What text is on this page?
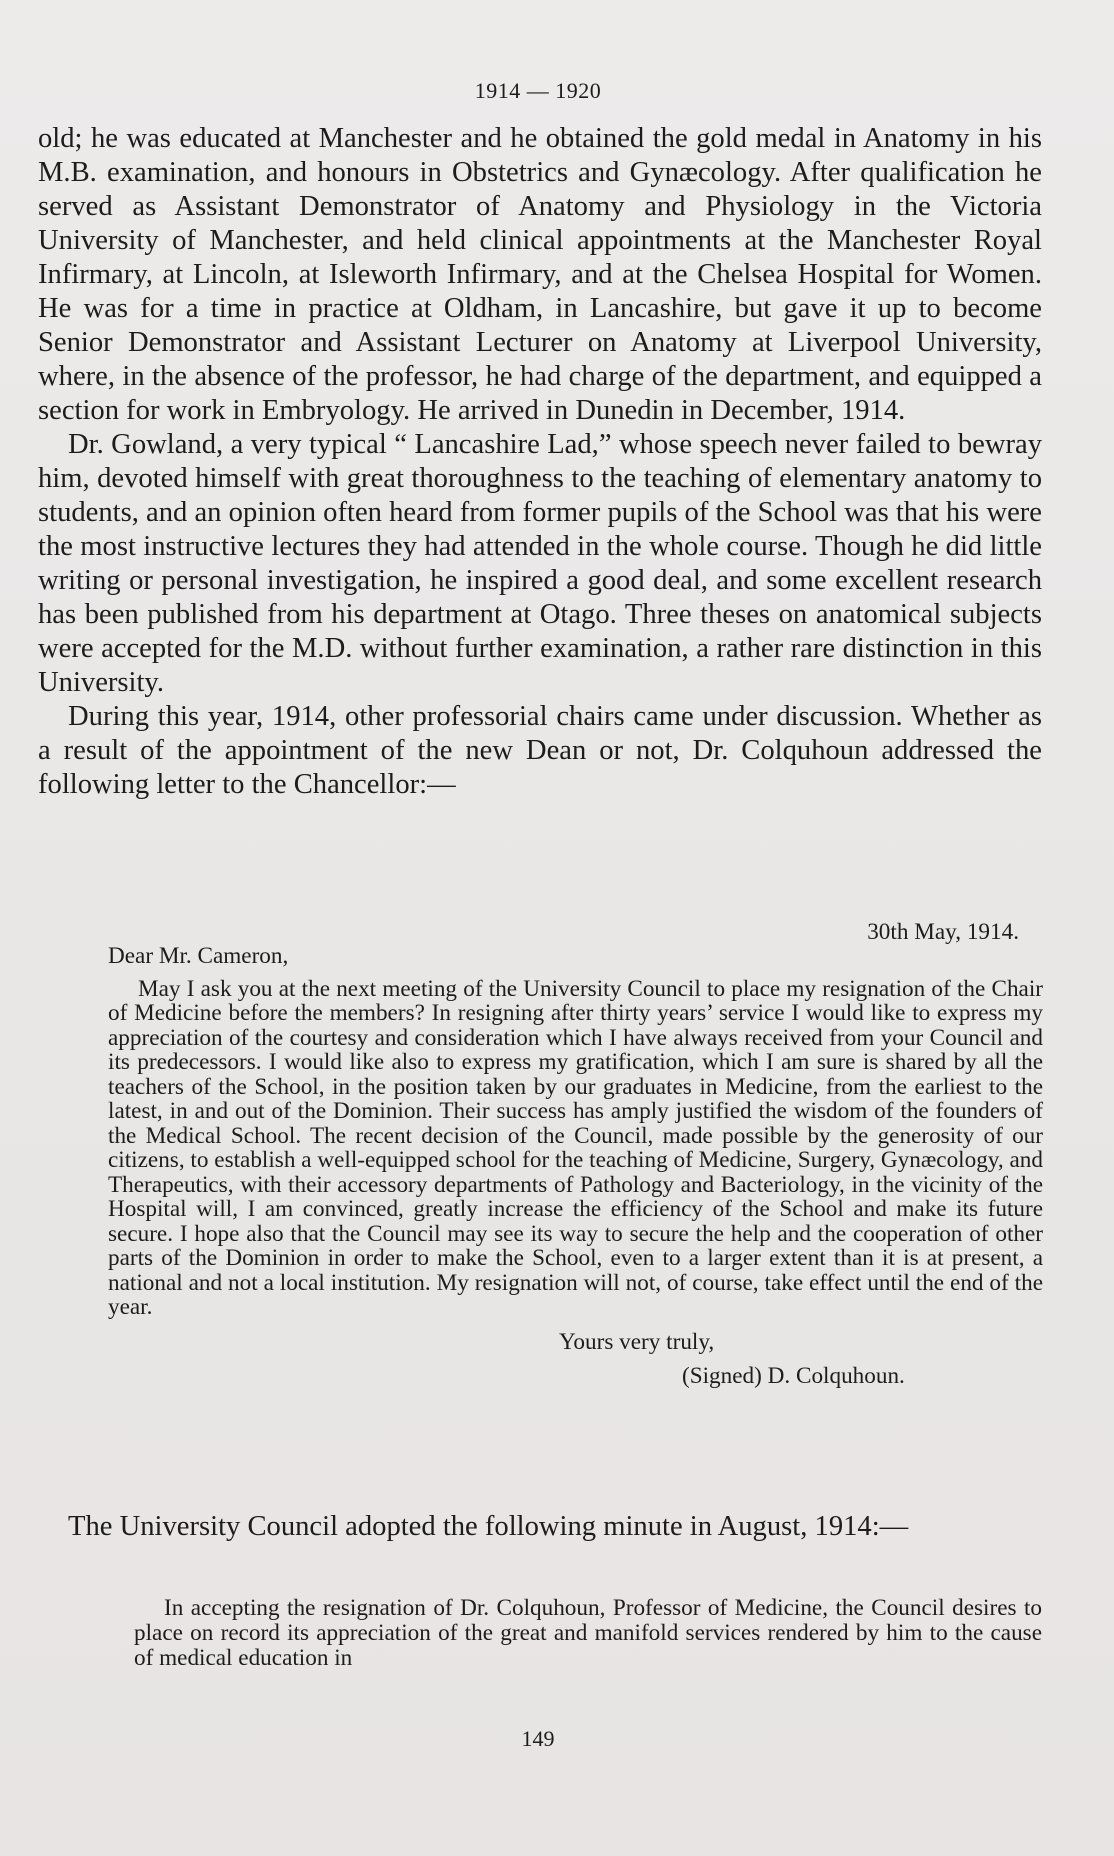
1914 — 1920

old; he was educated at Manchester and he obtained the gold medal in Anatomy in his M.B. examination, and honours in Obstetrics and Gynæcology. After qualification he served as Assistant Demonstrator of Anatomy and Physiology in the Victoria University of Manchester, and held clinical appointments at the Manchester Royal Infirmary, at Lincoln, at Isleworth Infirmary, and at the Chelsea Hospital for Women. He was for a time in practice at Oldham, in Lancashire, but gave it up to become Senior Demonstrator and Assistant Lecturer on Anatomy at Liverpool University, where, in the absence of the professor, he had charge of the department, and equipped a section for work in Embryology. He arrived in Dunedin in December, 1914.

Dr. Gowland, a very typical “ Lancashire Lad,” whose speech never failed to bewray him, devoted himself with great thoroughness to the teaching of elementary anatomy to students, and an opinion often heard from former pupils of the School was that his were the most instructive lectures they had attended in the whole course. Though he did little writing or personal investigation, he inspired a good deal, and some excellent research has been published from his department at Otago. Three theses on anatomical subjects were accepted for the M.D. without further examination, a rather rare distinction in this University.

During this year, 1914, other professorial chairs came under discussion. Whether as a result of the appointment of the new Dean or not, Dr. Colquhoun addressed the following letter to the Chancellor:—

30th May, 1914.
Dear Mr. Cameron,

May I ask you at the next meeting of the University Council to place my resignation of the Chair of Medicine before the members? In resigning after thirty years’ service I would like to express my appreciation of the courtesy and consideration which I have always received from your Council and its predecessors. I would like also to express my gratification, which I am sure is shared by all the teachers of the School, in the position taken by our graduates in Medicine, from the earliest to the latest, in and out of the Dominion. Their success has amply justified the wisdom of the founders of the Medical School. The recent decision of the Council, made possible by the generosity of our citizens, to establish a well-equipped school for the teaching of Medicine, Surgery, Gynæcology, and Therapeutics, with their accessory departments of Pathology and Bacteriology, in the vicinity of the Hospital will, I am convinced, greatly increase the efficiency of the School and make its future secure. I hope also that the Council may see its way to secure the help and the cooperation of other parts of the Dominion in order to make the School, even to a larger extent than it is at present, a national and not a local institution. My resignation will not, of course, take effect until the end of the year.

Yours very truly,
(Signed) D. Colquhoun.
The University Council adopted the following minute in August, 1914:—
In accepting the resignation of Dr. Colquhoun, Professor of Medicine, the Council desires to place on record its appreciation of the great and manifold services rendered by him to the cause of medical education in
149
